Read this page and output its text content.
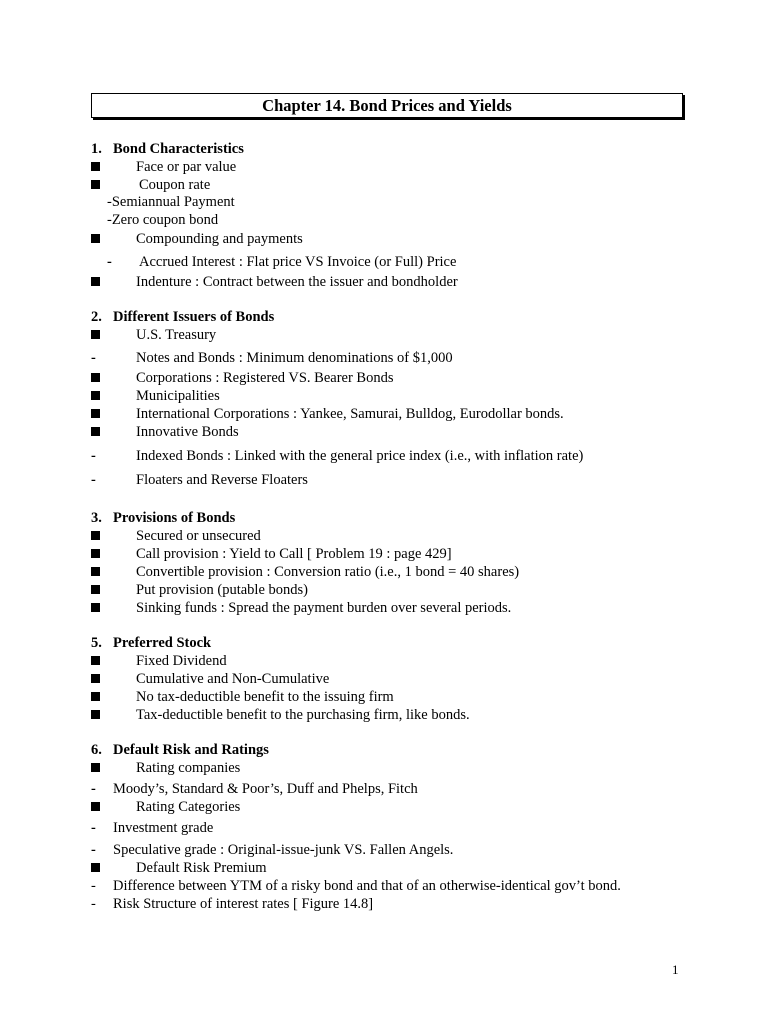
Chapter 14. Bond Prices and Yields
1. Bond Characteristics
Face or par value
Coupon rate
-Semiannual Payment
-Zero coupon bond
Compounding and payments
- Accrued Interest : Flat price VS Invoice (or Full) Price
Indenture : Contract between the issuer and bondholder
2. Different Issuers of Bonds
U.S. Treasury
-	Notes and Bonds : Minimum denominations of $1,000
Corporations : Registered VS. Bearer Bonds
Municipalities
International Corporations : Yankee, Samurai, Bulldog, Eurodollar bonds.
Innovative Bonds
-	Indexed Bonds : Linked with the general price index (i.e., with inflation rate)
-	Floaters and Reverse Floaters
3. Provisions of Bonds
Secured or unsecured
Call provision : Yield to Call [ Problem 19 : page 429]
Convertible provision : Conversion ratio (i.e., 1 bond = 40 shares)
Put provision (putable bonds)
Sinking funds : Spread the payment burden over several periods.
5. Preferred Stock
Fixed Dividend
Cumulative and Non-Cumulative
No tax-deductible benefit to the issuing firm
Tax-deductible benefit to the purchasing firm, like bonds.
6. Default Risk and Ratings
Rating companies
- Moody’s, Standard & Poor’s, Duff and Phelps, Fitch
Rating Categories
- Investment grade
- Speculative grade : Original-issue-junk VS. Fallen Angels.
Default Risk Premium
- Difference between YTM of a risky bond and that of an otherwise-identical gov’t bond.
- Risk Structure of interest rates [ Figure 14.8]
1
